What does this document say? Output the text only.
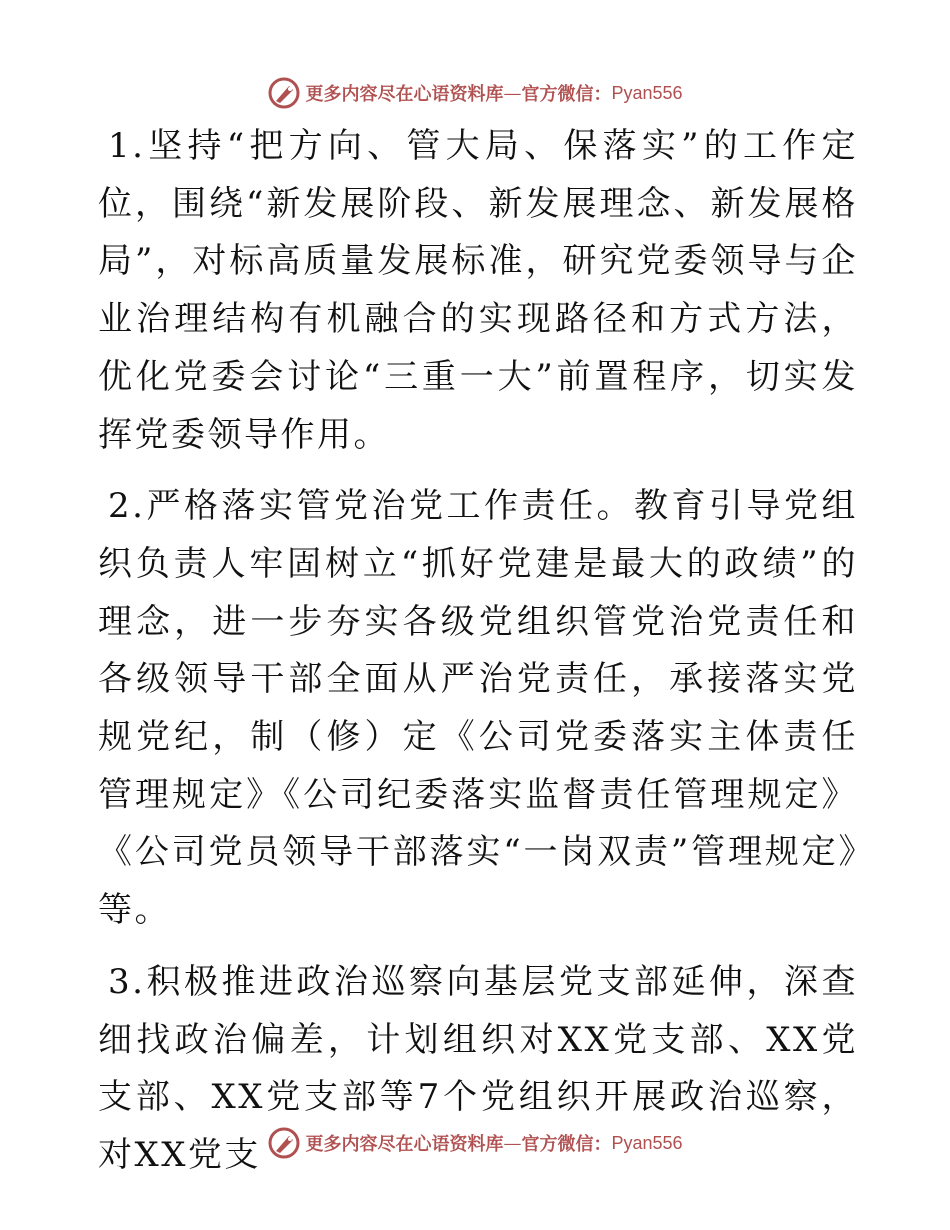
更多内容尽在心语资料库—官方微信：Pyan556

1.坚持“把方向、管大局、保落实”的工作定位，围绕“新发展阶段、新发展理念、新发展格局”，对标高质量发展标准，研究党委领导与企业治理结构有机融合的实现路径和方式方法，优化党委会讨论“三重一大”前置程序，切实发挥党委领导作用。

2.严格落实管党治党工作责任。教育引导党组织负责人牢固树立“抓好党建是最大的政绩”的理念，进一步夯实各级党组织管党治党责任和各级领导干部全面从严治党责任，承接落实党规党纪，制（修）定《公司党委落实主体责任管理规定》《公司纪委落实监督责任管理规定》《公司党员领导干部落实“一岗双责”管理规定》等。

3.积极推进政治巡察向基层党支部延伸，深查细找政治偏差，计划组织对XX党支部、XX党支部、XX党支部等7个党组织开展政治巡察，对XX党支	更多内容尽在心语资料库—官方微信：Pyan556
